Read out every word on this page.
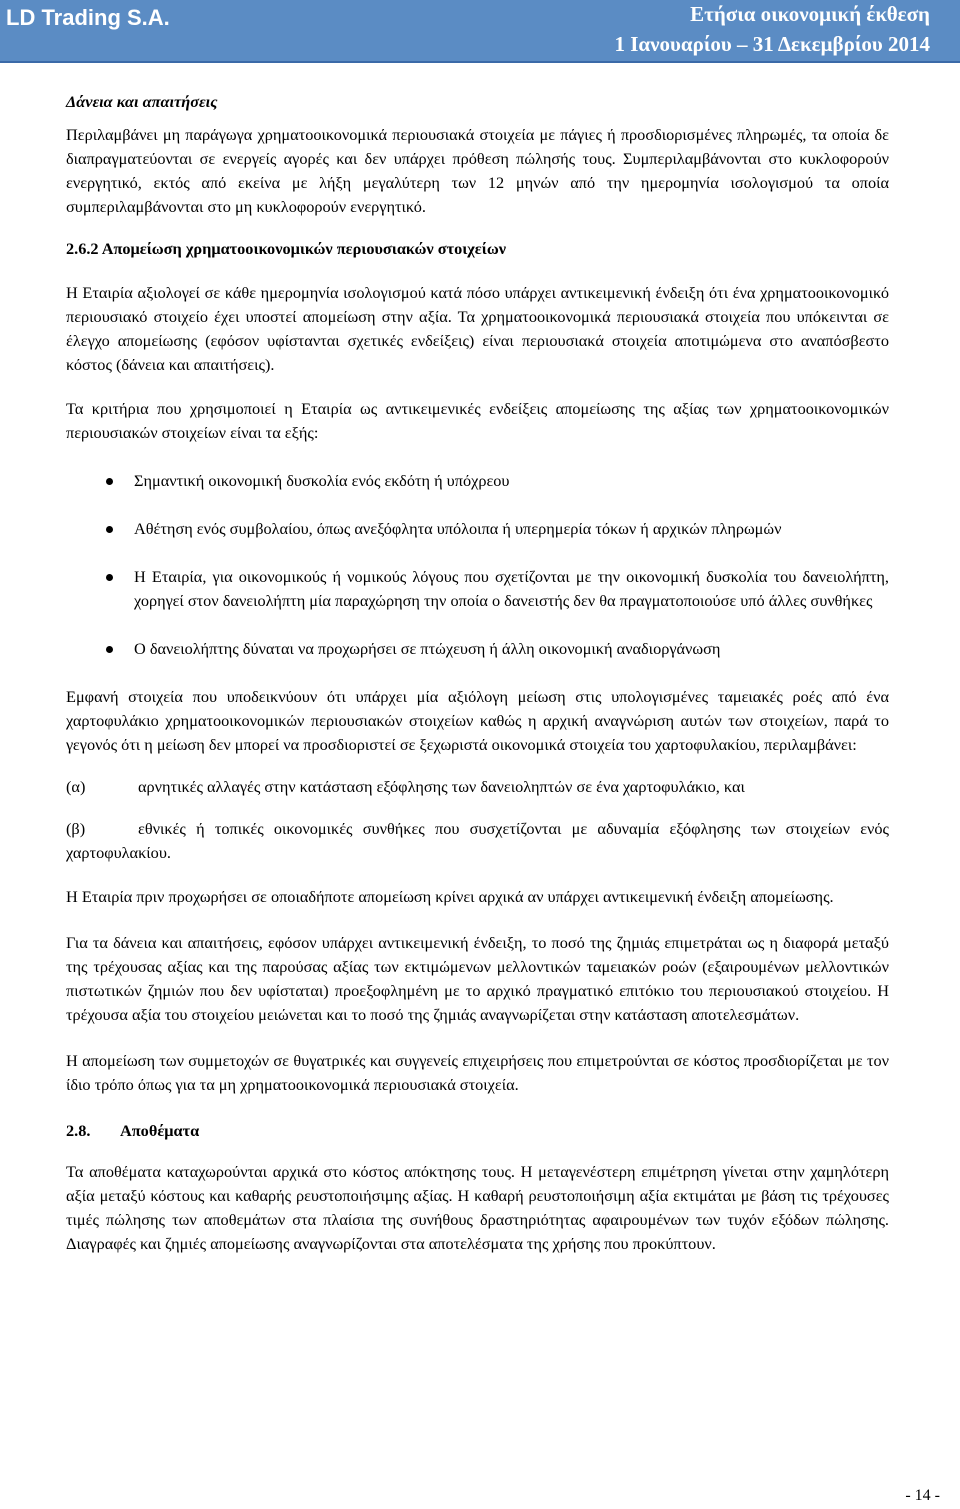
LD Trading S.A.	Ετήσια οικονομική έκθεση
1 Ιανουαρίου – 31 Δεκεμβρίου 2014

Δάνεια και απαιτήσεις

Περιλαμβάνει μη παράγωγα χρηματοοικονομικά περιουσιακά στοιχεία με πάγιες ή προσδιορισμένες πληρωμές, τα οποία δε διαπραγματεύονται σε ενεργείς αγορές και δεν υπάρχει πρόθεση πώλησής τους. Συμπεριλαμβάνονται στο κυκλοφορούν ενεργητικό, εκτός από εκείνα με λήξη μεγαλύτερη των 12 μηνών από την ημερομηνία ισολογισμού τα οποία συμπεριλαμβάνονται στο μη κυκλοφορούν ενεργητικό.

2.6.2 Απομείωση χρηματοοικονομικών περιουσιακών στοιχείων

Η Εταιρία αξιολογεί σε κάθε ημερομηνία ισολογισμού κατά πόσο υπάρχει αντικειμενική ένδειξη ότι ένα χρηματοοικονομικό περιουσιακό στοιχείο έχει υποστεί απομείωση στην αξία. Τα χρηματοοικονομικά περιουσιακά στοιχεία που υπόκεινται σε έλεγχο απομείωσης (εφόσον υφίστανται σχετικές ενδείξεις) είναι περιουσιακά στοιχεία αποτιμώμενα στο αναπόσβεστο κόστος (δάνεια και απαιτήσεις).

Τα κριτήρια που χρησιμοποιεί η Εταιρία ως αντικειμενικές ενδείξεις απομείωσης της αξίας των χρηματοοικονομικών περιουσιακών στοιχείων είναι τα εξής:

Σημαντική οικονομική δυσκολία ενός εκδότη ή υπόχρεου
Αθέτηση ενός συμβολαίου, όπως ανεξόφλητα υπόλοιπα ή υπερημερία τόκων ή αρχικών πληρωμών
Η Εταιρία, για οικονομικούς ή νομικούς λόγους που σχετίζονται με την οικονομική δυσκολία του δανειολήπτη, χορηγεί στον δανειολήπτη μία παραχώρηση την οποία ο δανειστής δεν θα πραγματοποιούσε υπό άλλες συνθήκες
Ο δανειολήπτης δύναται να προχωρήσει σε πτώχευση ή άλλη οικονομική αναδιοργάνωση

Εμφανή στοιχεία που υποδεικνύουν ότι υπάρχει μία αξιόλογη μείωση στις υπολογισμένες ταμειακές ροές από ένα χαρτοφυλάκιο χρηματοοικονομικών περιουσιακών στοιχείων καθώς η αρχική αναγνώριση αυτών των στοιχείων, παρά το γεγονός ότι η μείωση δεν μπορεί να προσδιοριστεί σε ξεχωριστά οικονομικά στοιχεία του χαρτοφυλακίου, περιλαμβάνει:

(α)	αρνητικές αλλαγές στην κατάσταση εξόφλησης των δανειοληπτών σε ένα χαρτοφυλάκιο, και

(β)	εθνικές ή τοπικές οικονομικές συνθήκες που συσχετίζονται με αδυναμία εξόφλησης των στοιχείων ενός χαρτοφυλακίου.

Η Εταιρία πριν προχωρήσει σε οποιαδήποτε απομείωση κρίνει αρχικά αν υπάρχει αντικειμενική ένδειξη απομείωσης.

Για τα δάνεια και απαιτήσεις, εφόσον υπάρχει αντικειμενική ένδειξη, το ποσό της ζημιάς επιμετράται ως η διαφορά μεταξύ της τρέχουσας αξίας και της παρούσας αξίας των εκτιμώμενων μελλοντικών ταμειακών ροών (εξαιρουμένων μελλοντικών πιστωτικών ζημιών που δεν υφίσταται) προεξοφλημένη με το αρχικό πραγματικό επιτόκιο του περιουσιακού στοιχείου. Η τρέχουσα αξία του στοιχείου μειώνεται και το ποσό της ζημιάς αναγνωρίζεται στην κατάσταση αποτελεσμάτων.

Η απομείωση των συμμετοχών σε θυγατρικές και συγγενείς επιχειρήσεις που επιμετρούνται σε κόστος προσδιορίζεται με τον ίδιο τρόπο όπως για τα μη χρηματοοικονομικά περιουσιακά στοιχεία.

2.8. Αποθέματα

Τα αποθέματα καταχωρούνται αρχικά στο κόστος απόκτησης τους. Η μεταγενέστερη επιμέτρηση γίνεται στην χαμηλότερη αξία μεταξύ κόστους και καθαρής ρευστοποιήσιμης αξίας. Η καθαρή ρευστοποιήσιμη αξία εκτιμάται με βάση τις τρέχουσες τιμές πώλησης των αποθεμάτων στα πλαίσια της συνήθους δραστηριότητας αφαιρουμένων των τυχόν εξόδων πώλησης. Διαγραφές και ζημιές απομείωσης αναγνωρίζονται στα αποτελέσματα της χρήσης που προκύπτουν.

- 14 -
